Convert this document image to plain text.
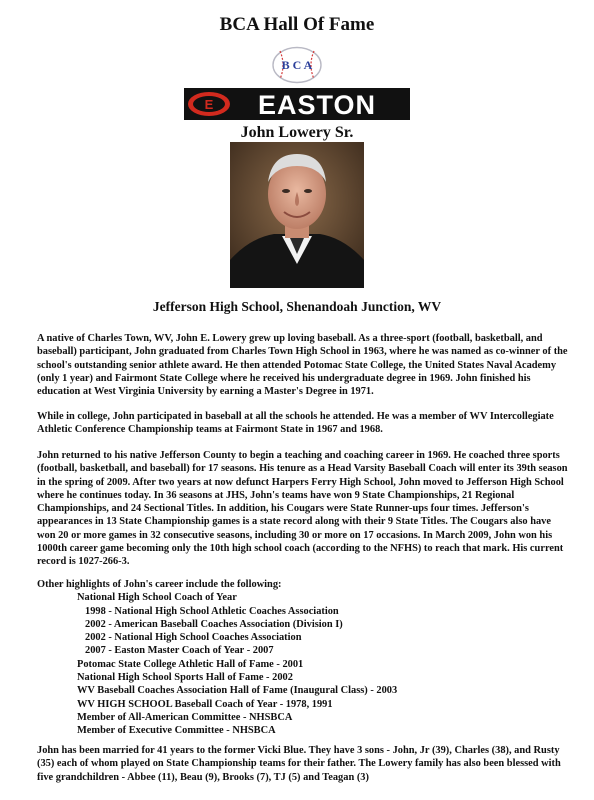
BCA Hall Of Fame
B C A
E EASTON
John Lowery Sr.
Jefferson High School, Shenandoah Junction, WV

A native of Charles Town, WV, John E. Lowery grew up loving baseball. As a three-sport (football, basketball, and baseball) participant, John graduated from Charles Town High School in 1963, where he was named as co-winner of the school's outstanding senior athlete award. He then attended Potomac State College, the United States Naval Academy (only 1 year) and Fairmont State College where he received his undergraduate degree in 1969. John finished his education at West Virginia University by earning a Master's Degree in 1971.

While in college, John participated in baseball at all the schools he attended. He was a member of WV Intercollegiate Athletic Conference Championship teams at Fairmont State in 1967 and 1968.

John returned to his native Jefferson County to begin a teaching and coaching career in 1969. He coached three sports (football, basketball, and baseball) for 17 seasons. His tenure as a Head Varsity Baseball Coach will enter its 39th season in the spring of 2009. After two years at now defunct Harpers Ferry High School, John moved to Jefferson High School where he continues today. In 36 seasons at JHS, John's teams have won 9 State Championships, 21 Regional Championships, and 24 Sectional Titles. In addition, his Cougars were State Runner-ups four times. Jefferson's appearances in 13 State Championship games is a state record along with their 9 State Titles. The Cougars also have won 20 or more games in 32 consecutive seasons, including 30 or more on 17 occasions. In March 2009, John won his 1000th career game becoming only the 10th high school coach (according to the NFHS) to reach that mark. His current record is 1027-266-3.

Other highlights of John's career include the following:

National High School Coach of Year
1998 - National High School Athletic Coaches Association
2002 - American Baseball Coaches Association (Division I)
2002 - National High School Coaches Association
2007 - Easton Master Coach of Year - 2007
Potomac State College Athletic Hall of Fame - 2001
National High School Sports Hall of Fame - 2002
WV Baseball Coaches Association Hall of Fame (Inaugural Class) - 2003
WV HIGH SCHOOL Baseball Coach of Year - 1978, 1991
Member of All-American Committee - NHSBCA
Member of Executive Committee - NHSBCA

John has been married for 41 years to the former Vicki Blue. They have 3 sons - John, Jr (39), Charles (38), and Rusty (35) each of whom played on State Championship teams for their father. The Lowery family has also been blessed with five grandchildren - Abbee (11), Beau (9), Brooks (7), TJ (5) and Teagan (3)
